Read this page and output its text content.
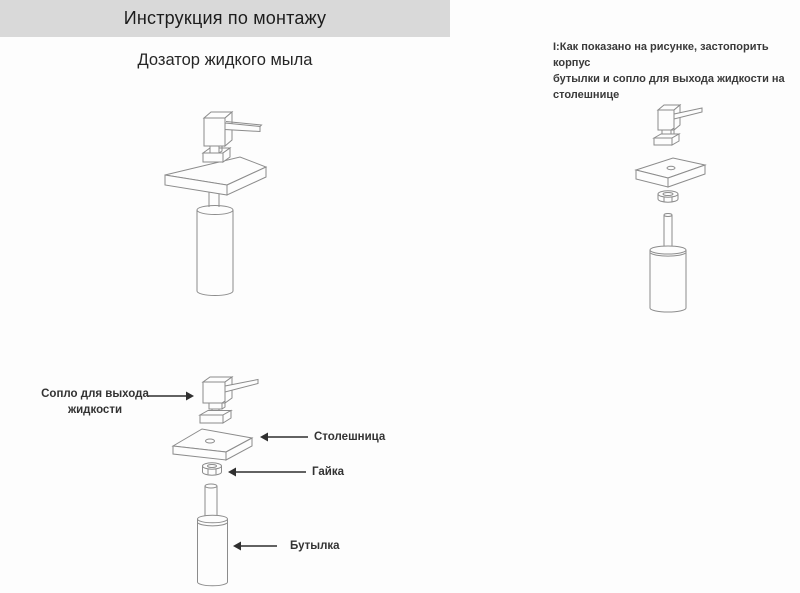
Инструкция по монтажу
Дозатор жидкого мыла
I:Как показано на рисунке, застопорить корпус
бутылки и сопло для выхода жидкости на
столешнице
Сопло для выхода жидкости
Столешница
Гайка
Бутылка
